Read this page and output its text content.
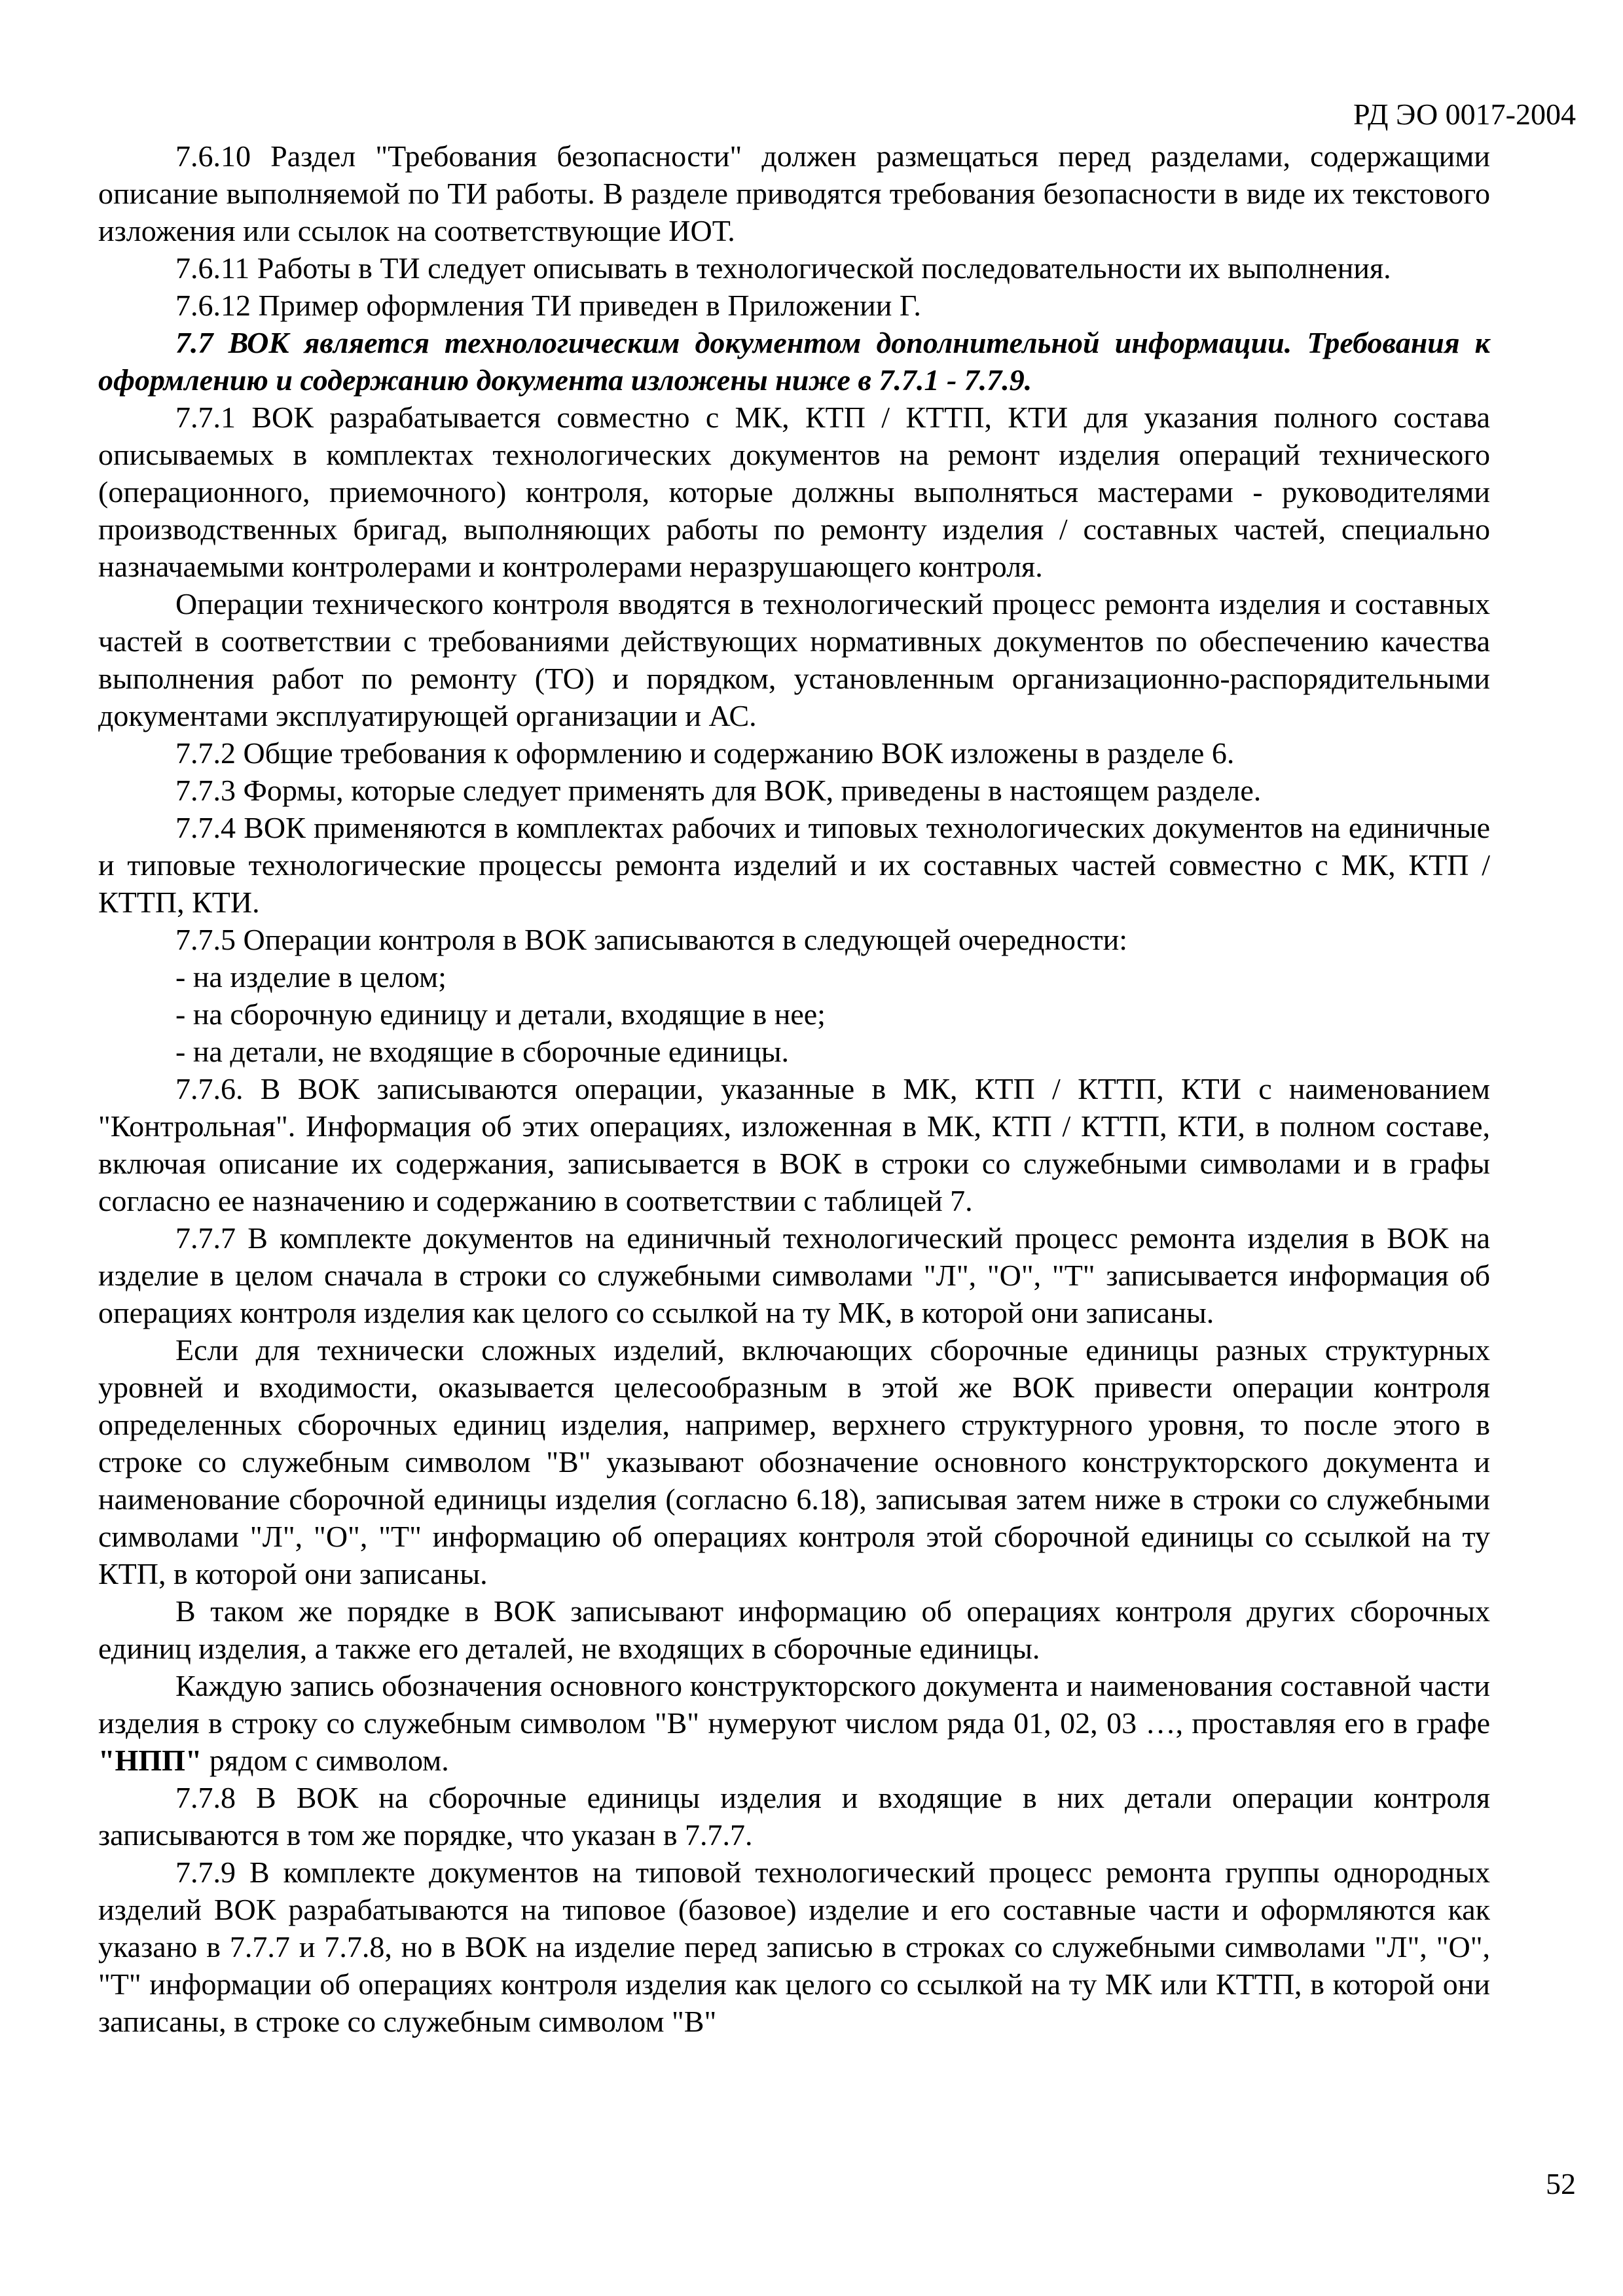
РД ЭО 0017-2004

7.6.10 Раздел "Требования безопасности" должен размещаться перед разделами, содержащими описание выполняемой по ТИ работы. В разделе приводятся требования безопасности в виде их текстового изложения или ссылок на соответствующие ИОТ.

7.6.11 Работы в ТИ следует описывать в технологической последовательности их выполнения.

7.6.12 Пример оформления ТИ приведен в Приложении Г.

7.7 ВОК является технологическим документом дополнительной информации. Требования к оформлению и содержанию документа изложены ниже в 7.7.1 - 7.7.9.

7.7.1 ВОК разрабатывается совместно с МК, КТП / КТТП, КТИ для указания полного состава описываемых в комплектах технологических документов на ремонт изделия операций технического (операционного, приемочного) контроля, которые должны выполняться мастерами - руководителями производственных бригад, выполняющих работы по ремонту изделия / составных частей, специально назначаемыми контролерами и контролерами неразрушающего контроля.

Операции технического контроля вводятся в технологический процесс ремонта изделия и составных частей в соответствии с требованиями действующих нормативных документов по обеспечению качества выполнения работ по ремонту (ТО) и порядком, установленным организационно-распорядительными документами эксплуатирующей организации и АС.

7.7.2 Общие требования к оформлению и содержанию ВОК изложены в разделе 6.

7.7.3 Формы, которые следует применять для ВОК, приведены в настоящем разделе.

7.7.4 ВОК применяются в комплектах рабочих и типовых технологических документов на единичные и типовые технологические процессы ремонта изделий и их составных частей совместно с МК, КТП / КТТП, КТИ.

7.7.5 Операции контроля в ВОК записываются в следующей очередности:

- на изделие в целом;

- на сборочную единицу и детали, входящие в нее;

- на детали, не входящие в сборочные единицы.

7.7.6. В ВОК записываются операции, указанные в МК, КТП / КТТП, КТИ с наименованием "Контрольная". Информация об этих операциях, изложенная в МК, КТП / КТТП, КТИ, в полном составе, включая описание их содержания, записывается в ВОК в строки со служебными символами и в графы согласно ее назначению и содержанию в соответствии с таблицей 7.

7.7.7 В комплекте документов на единичный технологический процесс ремонта изделия в ВОК на изделие в целом сначала в строки со служебными символами "Л", "О", "Т" записывается информация об операциях контроля изделия как целого со ссылкой на ту МК, в которой они записаны.

Если для технически сложных изделий, включающих сборочные единицы разных структурных уровней и входимости, оказывается целесообразным в этой же ВОК привести операции контроля определенных сборочных единиц изделия, например, верхнего структурного уровня, то после этого в строке со служебным символом "В" указывают обозначение основного конструкторского документа и наименование сборочной единицы изделия (согласно 6.18), записывая затем ниже в строки со служебными символами "Л", "О", "Т" информацию об операциях контроля этой сборочной единицы со ссылкой на ту КТП, в которой они записаны.

В таком же порядке в ВОК записывают информацию об операциях контроля других сборочных единиц изделия, а также его деталей, не входящих в сборочные единицы.

Каждую запись обозначения основного конструкторского документа и наименования составной части изделия в строку со служебным символом "В" нумеруют числом ряда 01, 02, 03 …, проставляя его в графе "НПП" рядом с символом.

7.7.8 В ВОК на сборочные единицы изделия и входящие в них детали операции контроля записываются в том же порядке, что указан в 7.7.7.

7.7.9 В комплекте документов на типовой технологический процесс ремонта группы однородных изделий ВОК разрабатываются на типовое (базовое) изделие и его составные части и оформляются как указано в 7.7.7 и 7.7.8, но в ВОК на изделие перед записью в строках со служебными символами "Л", "О", "Т" информации об операциях контроля изделия как целого со ссылкой на ту МК или КТТП, в которой они записаны, в строке со служебным символом "В"

52
